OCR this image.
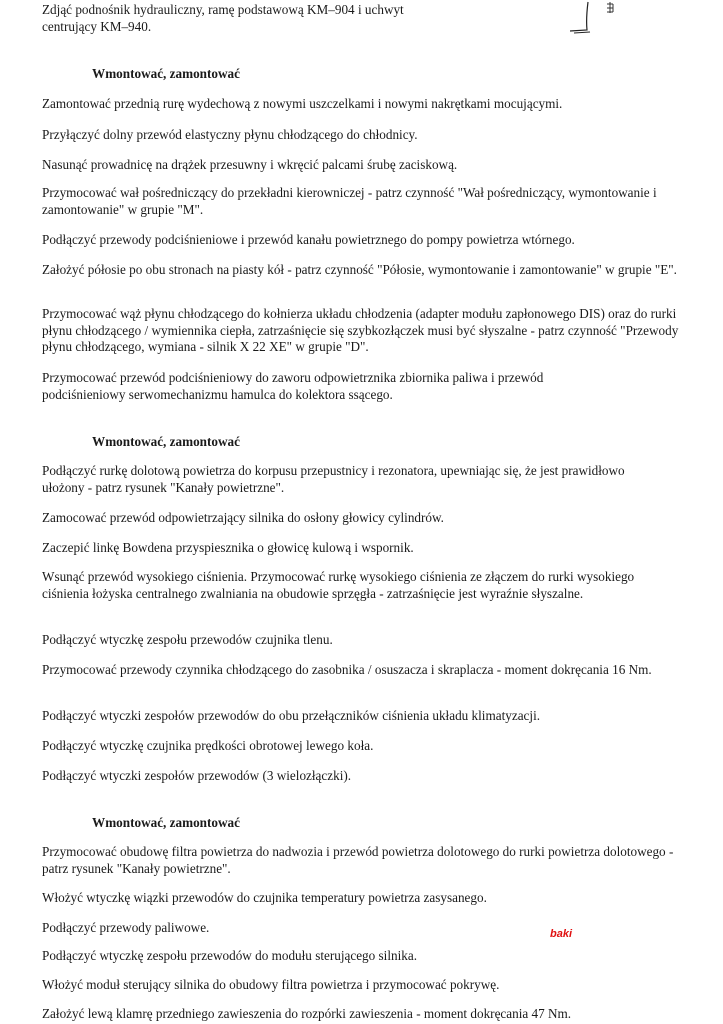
Zdjąć podnośnik hydrauliczny, ramę podstawową KM–904 i uchwyt centrujący KM–940.
Wmontować, zamontować
Zamontować przednią rurę wydechową z nowymi uszczelkami i nowymi nakrętkami mocującymi.
Przyłączyć dolny przewód elastyczny płynu chłodzącego do chłodnicy.
Nasunąć prowadnicę na drążek przesuwny i wkręcić palcami śrubę zaciskową.
Przymocować wał pośredniczący do przekładni kierowniczej - patrz czynność "Wał pośredniczący, wymontowanie i zamontowanie" w grupie "M".
Podłączyć przewody podciśnieniowe i przewód kanału powietrznego do pompy powietrza wtórnego.
Założyć półosie po obu stronach na piasty kół - patrz czynność "Półosie, wymontowanie i zamontowanie" w grupie "E".
Przymocować wąż płynu chłodzącego do kołnierza układu chłodzenia (adapter modułu zapłonowego DIS) oraz do rurki płynu chłodzącego / wymiennika ciepła, zatrzaśnięcie się szybkozłączek musi być słyszalne - patrz czynność "Przewody płynu chłodzącego, wymiana - silnik X 22 XE" w grupie "D".
Przymocować przewód podciśnieniowy do zaworu odpowietrznika zbiornika paliwa i przewód podciśnieniowy serwomechanizmu hamulca do kolektora ssącego.
Wmontować, zamontować
Podłączyć rurkę dolotową powietrza do korpusu przepustnicy i rezonatora, upewniając się, że jest prawidłowo ułożony - patrz rysunek "Kanały powietrzne".
Zamocować przewód odpowietrzający silnika do osłony głowicy cylindrów.
Zaczepić linkę Bowdena przyspiesznika o głowicę kulową i wspornik.
Wsunąć przewód wysokiego ciśnienia. Przymocować rurkę wysokiego ciśnienia ze złączem do rurki wysokiego ciśnienia łożyska centralnego zwalniania na obudowie sprzęgła - zatrzaśnięcie jest wyraźnie słyszalne.
Podłączyć wtyczkę zespołu przewodów czujnika tlenu.
Przymocować przewody czynnika chłodzącego do zasobnika / osuszacza i skraplacza - moment dokręcania 16 Nm.
Podłączyć wtyczki zespołów przewodów do obu przełączników ciśnienia układu klimatyzacji.
Podłączyć wtyczkę czujnika prędkości obrotowej lewego koła.
Podłączyć wtyczki zespołów przewodów (3 wielozłączki).
Wmontować, zamontować
Przymocować obudowę filtra powietrza do nadwozia i przewód powietrza dolotowego do rurki powietrza dolotowego - patrz rysunek "Kanały powietrzne".
Włożyć wtyczkę wiązki przewodów do czujnika temperatury powietrza zasysanego.
Podłączyć przewody paliwowe.	baki
Podłączyć wtyczkę zespołu przewodów do modułu sterującego silnika.
Włożyć moduł sterujący silnika do obudowy filtra powietrza i przymocować pokrywę.
Założyć lewą klamrę przedniego zawieszenia do rozpórki zawieszenia - moment dokręcania 47 Nm.
